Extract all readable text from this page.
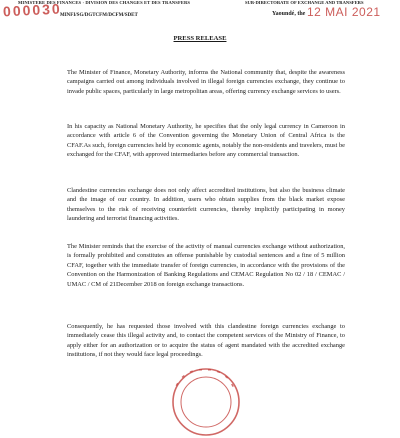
MINISTERE DES FINANCES · DIVISION DES CHANGES ET DES TRANSFERS	SUB-DIRECTORATE OF EXCHANGE AND TRANSFERS
000030
MINFI/SG/DGTCFM/DCFM/SDET	Yaoundé, the 12 MAI 2021
PRESS RELEASE

The Minister of Finance, Monetary Authority, informs the National community that, despite the awareness campaigns carried out among individuals involved in illegal foreign currencies exchange, they continue to invade public spaces, particularly in large metropolitan areas, offering currency exchange services to users.

In his capacity as National Monetary Authority, he specifies that the only legal currency in Cameroon in accordance with article 6 of the Convention governing the Monetary Union of Central Africa is the CFAF.As such, foreign currencies held by economic agents, notably the non-residents and travelers, must be exchanged for the CFAF, with approved intermediaries before any commercial transaction.

Clandestine currencies exchange does not only affect accredited institutions, but also the business climate and the image of our country. In addition, users who obtain supplies from the black market expose themselves to the risk of receiving counterfeit currencies, thereby implicitly participating in money laundering and terrorist financing activities.

The Minister reminds that the exercise of the activity of manual currencies exchange without authorization, is formally prohibited and constitutes an offense punishable by custodial sentences and a fine of 5 million CFAF, together with the immediate transfer of foreign currencies, in accordance with the provisions of the Convention on the Harmonization of Banking Regulations and CEMAC Regulation No 02 / 18 / CEMAC / UMAC / CM of 21December 2018 on foreign exchange transactions.

Consequently, he has requested those involved with this clandestine foreign currencies exchange to immediately cease this illegal activity and, to contact the competent services of the Ministry of Finance, to apply either for an authorization or to acquire the status of agent mandated with the accredited exchange institutions, if not they would face legal proceedings.
